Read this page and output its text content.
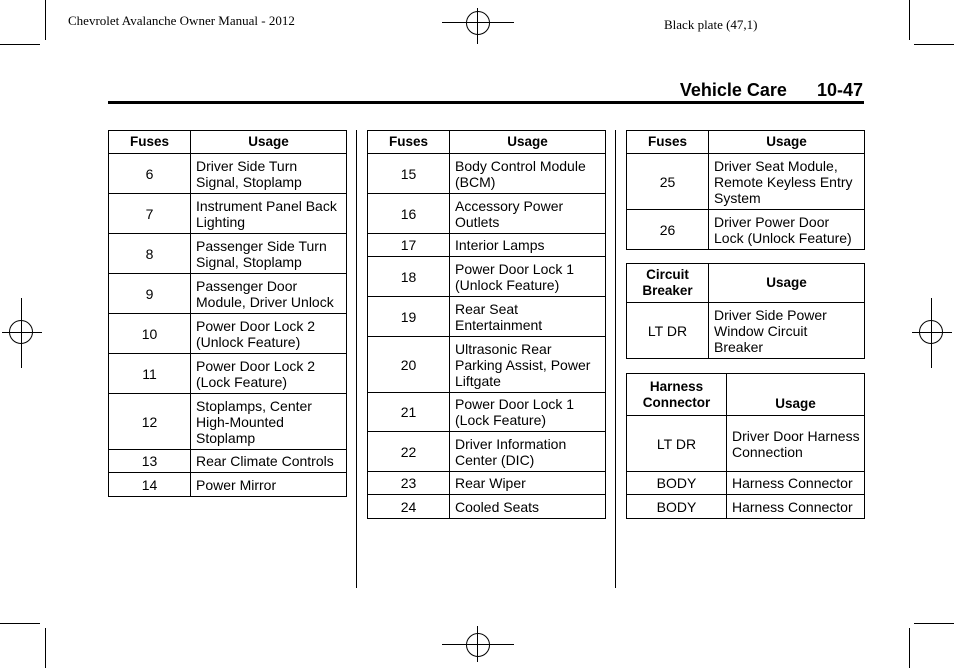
Chevrolet Avalanche Owner Manual - 2012	Black plate (47,1)
Vehicle Care 10-47
Fuses	Usage
6	Driver Side Turn Signal, Stoplamp
7	Instrument Panel Back Lighting
8	Passenger Side Turn Signal, Stoplamp
9	Passenger Door Module, Driver Unlock
10	Power Door Lock 2 (Unlock Feature)
11	Power Door Lock 2 (Lock Feature)
12	Stoplamps, Center High-Mounted Stoplamp
13	Rear Climate Controls
14	Power Mirror
Fuses	Usage
15	Body Control Module (BCM)
16	Accessory Power Outlets
17	Interior Lamps
18	Power Door Lock 1 (Unlock Feature)
19	Rear Seat Entertainment
20	Ultrasonic Rear Parking Assist, Power Liftgate
21	Power Door Lock 1 (Lock Feature)
22	Driver Information Center (DIC)
23	Rear Wiper
24	Cooled Seats
Fuses	Usage
25	Driver Seat Module, Remote Keyless Entry System
26	Driver Power Door Lock (Unlock Feature)
Circuit Breaker	Usage
LT DR	Driver Side Power Window Circuit Breaker
Harness Connector	Usage
LT DR	Driver Door Harness Connection
BODY	Harness Connector
BODY	Harness Connector
